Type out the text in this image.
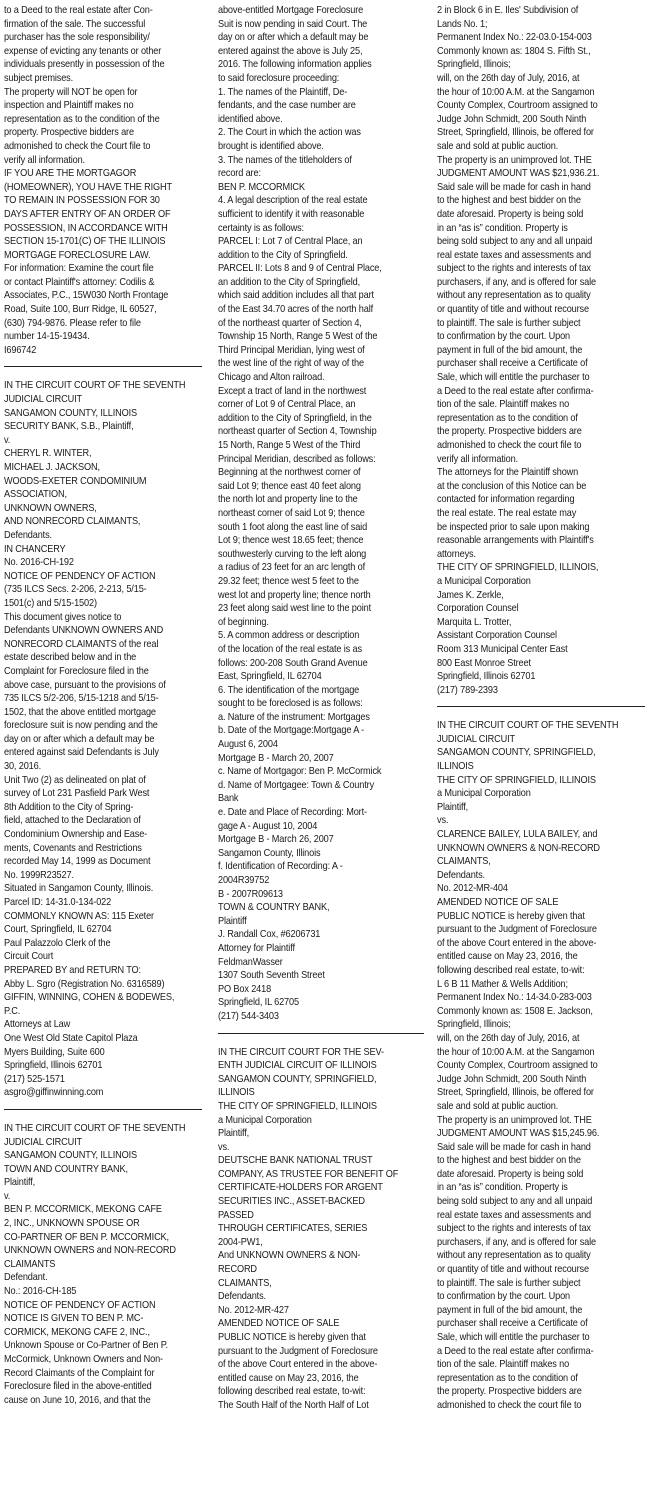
to a Deed to the real estate after Con-
firmation of the sale. The successful
purchaser has the sole responsibility/
expense of evicting any tenants or other
individuals presently in possession of the
subject premises.
The property will NOT be open for
inspection and Plaintiff makes no
representation as to the condition of the
property. Prospective bidders are
admonished to check the Court file to
verify all information.
IF YOU ARE THE MORTGAGOR
(HOMEOWNER), YOU HAVE THE RIGHT
TO REMAIN IN POSSESSION FOR 30
DAYS AFTER ENTRY OF AN ORDER OF
POSSESSION, IN ACCORDANCE WITH
SECTION 15-1701(C) OF THE ILLINOIS
MORTGAGE FORECLOSURE LAW.
For information: Examine the court file
or contact Plaintiff's attorney: Codilis &
Associates, P.C., 15W030 North Frontage
Road, Suite 100, Burr Ridge, IL 60527,
(630) 794-9876. Please refer to file
number 14-15-19434.
I696742
IN THE CIRCUIT COURT OF THE SEVENTH
JUDICIAL CIRCUIT
SANGAMON COUNTY, ILLINOIS
SECURITY BANK, S.B., Plaintiff,
v.
CHERYL R. WINTER,
MICHAEL J. JACKSON,
WOODS-EXETER CONDOMINIUM
ASSOCIATION,
UNKNOWN OWNERS,
AND NONRECORD CLAIMANTS,
Defendants.
IN CHANCERY
No. 2016-CH-192
NOTICE OF PENDENCY OF ACTION
(735 ILCS Secs. 2-206, 2-213, 5/15-
1501(c) and 5/15-1502)
This document gives notice to
Defendants UNKNOWN OWNERS AND
NONRECORD CLAIMANTS of the real
estate described below and in the
Complaint for Foreclosure filed in the
above case, pursuant to the provisions of
735 ILCS 5/2-206, 5/15-1218 and 5/15-
1502, that the above entitled mortgage
foreclosure suit is now pending and the
day on or after which a default may be
entered against said Defendants is July
30, 2016.
Unit Two (2) as delineated on plat of
survey of Lot 231 Pasfield Park West
8th Addition to the City of Spring-
field, attached to the Declaration of
Condominium Ownership and Ease-
ments, Covenants and Restrictions
recorded May 14, 1999 as Document
No. 1999R23527.
Situated in Sangamon County, Illinois.
Parcel ID: 14-31.0-134-022
COMMONLY KNOWN AS: 115 Exeter
Court, Springfield, IL 62704
Paul Palazzolo Clerk of the
Circuit Court
PREPARED BY and RETURN TO:
Abby L. Sgro (Registration No. 6316589)
GIFFIN, WINNING, COHEN & BODEWES,
P.C.
Attorneys at Law
One West Old State Capitol Plaza
Myers Building, Suite 600
Springfield, Illinois 62701
(217) 525-1571
asgro@giffinwinning.com
IN THE CIRCUIT COURT OF THE SEVENTH
JUDICIAL CIRCUIT
SANGAMON COUNTY, ILLINOIS
TOWN AND COUNTRY BANK,
Plaintiff,
v.
BEN P. MCCORMICK, MEKONG CAFE
2, INC., UNKNOWN SPOUSE OR
CO-PARTNER OF BEN P. MCCORMICK,
UNKNOWN OWNERS and NON-RECORD
CLAIMANTS
Defendant.
No.: 2016-CH-185
NOTICE OF PENDENCY OF ACTION
NOTICE IS GIVEN TO BEN P. MC-
CORMICK, MEKONG CAFE 2, INC.,
Unknown Spouse or Co-Partner of Ben P.
McCormick, Unknown Owners and Non-
Record Claimants of the Complaint for
Foreclosure filed in the above-entitled
cause on June 10, 2016, and that the
above-entitled Mortgage Foreclosure
Suit is now pending in said Court. The
day on or after which a default may be
entered against the above is July 25,
2016. The following information applies
to said foreclosure proceeding:
1. The names of the Plaintiff, De-
fendants, and the case number are
identified above.
2. The Court in which the action was
brought is identified above.
3. The names of the titleholders of
record are:
BEN P. MCCORMICK
4. A legal description of the real estate
sufficient to identify it with reasonable
certainty is as follows:
PARCEL I: Lot 7 of Central Place, an
addition to the City of Springfield.
PARCEL II: Lots 8 and 9 of Central Place,
an addition to the City of Springfield,
which said addition includes all that part
of the East 34.70 acres of the north half
of the northeast quarter of Section 4,
Township 15 North, Range 5 West of the
Third Principal Meridian, lying west of
the west line of the right of way of the
Chicago and Alton railroad.
Except a tract of land in the northwest
corner of Lot 9 of Central Place, an
addition to the City of Springfield, in the
northeast quarter of Section 4, Township
15 North, Range 5 West of the Third
Principal Meridian, described as follows:
Beginning at the northwest corner of
said Lot 9; thence east 40 feet along
the north lot and property line to the
northeast corner of said Lot 9; thence
south 1 foot along the east line of said
Lot 9; thence west 18.65 feet; thence
southwesterly curving to the left along
a radius of 23 feet for an arc length of
29.32 feet; thence west 5 feet to the
west lot and property line; thence north
23 feet along said west line to the point
of beginning.
5. A common address or description
of the location of the real estate is as
follows: 200-208 South Grand Avenue
East, Springfield, IL 62704
6. The identification of the mortgage
sought to be foreclosed is as follows:
a. Nature of the instrument: Mortgages
b. Date of the Mortgage:Mortgage A -
August 6, 2004
Mortgage B - March 20, 2007
c. Name of Mortgagor: Ben P. McCormick
d. Name of Mortgagee: Town & Country
Bank
e. Date and Place of Recording: Mort-
gage A - August 10, 2004
Mortgage B - March 26, 2007
Sangamon County, Illinois
f. Identification of Recording: A -
2004R39752
B - 2007R09613
TOWN & COUNTRY BANK,
Plaintiff
J. Randall Cox, #6206731
Attorney for Plaintiff
FeldmanWasser
1307 South Seventh Street
PO Box 2418
Springfield, IL 62705
(217) 544-3403
IN THE CIRCUIT COURT FOR THE SEV-
ENTH JUDICIAL CIRCUIT OF ILLINOIS
SANGAMON COUNTY, SPRINGFIELD,
ILLINOIS
THE CITY OF SPRINGFIELD, ILLINOIS
a Municipal Corporation
Plaintiff,
vs.
DEUTSCHE BANK NATIONAL TRUST
COMPANY, AS TRUSTEE FOR BENEFIT OF
CERTIFICATE-HOLDERS FOR ARGENT
SECURITIES INC., ASSET-BACKED
PASSED
THROUGH CERTIFICATES, SERIES
2004-PW1,
And UNKNOWN OWNERS & NON-
RECORD
CLAIMANTS,
Defendants.
No. 2012-MR-427
AMENDED NOTICE OF SALE
PUBLIC NOTICE is hereby given that
pursuant to the Judgment of Foreclosure
of the above Court entered in the above-
entitled cause on May 23, 2016, the
following described real estate, to-wit:
The South Half of the North Half of Lot
2 in Block 6 in E. Iles' Subdivision of
Lands No. 1;
Permanent Index No.: 22-03.0-154-003
Commonly known as: 1804 S. Fifth St.,
Springfield, Illinois;
will, on the 26th day of July, 2016, at
the hour of 10:00 A.M. at the Sangamon
County Complex, Courtroom assigned to
Judge John Schmidt, 200 South Ninth
Street, Springfield, Illinois, be offered for
sale and sold at public auction.
The property is an unimproved lot. THE
JUDGMENT AMOUNT WAS $21,936.21.
Said sale will be made for cash in hand
to the highest and best bidder on the
date aforesaid. Property is being sold
in an “as is” condition. Property is
being sold subject to any and all unpaid
real estate taxes and assessments and
subject to the rights and interests of tax
purchasers, if any, and is offered for sale
without any representation as to quality
or quantity of title and without recourse
to plaintiff. The sale is further subject
to confirmation by the court. Upon
payment in full of the bid amount, the
purchaser shall receive a Certificate of
Sale, which will entitle the purchaser to
a Deed to the real estate after confirma-
tion of the sale. Plaintiff makes no
representation as to the condition of
the property. Prospective bidders are
admonished to check the court file to
verify all information.
The attorneys for the Plaintiff shown
at the conclusion of this Notice can be
contacted for information regarding
the real estate. The real estate may
be inspected prior to sale upon making
reasonable arrangements with Plaintiff's
attorneys.
THE CITY OF SPRINGFIELD, ILLINOIS,
a Municipal Corporation
James K. Zerkle,
Corporation Counsel
Marquita L. Trotter,
Assistant Corporation Counsel
Room 313 Municipal Center East
800 East Monroe Street
Springfield, Illinois 62701
(217) 789-2393
IN THE CIRCUIT COURT OF THE SEVENTH
JUDICIAL CIRCUIT
SANGAMON COUNTY, SPRINGFIELD,
ILLINOIS
THE CITY OF SPRINGFIELD, ILLINOIS
a Municipal Corporation
Plaintiff,
vs.
CLARENCE BAILEY, LULA BAILEY, and
UNKNOWN OWNERS & NON-RECORD
CLAIMANTS,
Defendants.
No. 2012-MR-404
AMENDED NOTICE OF SALE
PUBLIC NOTICE is hereby given that
pursuant to the Judgment of Foreclosure
of the above Court entered in the above-
entitled cause on May 23, 2016, the
following described real estate, to-wit:
L 6 B 11 Mather & Wells Addition;
Permanent Index No.: 14-34.0-283-003
Commonly known as: 1508 E. Jackson,
Springfield, Illinois;
will, on the 26th day of July, 2016, at
the hour of 10:00 A.M. at the Sangamon
County Complex, Courtroom assigned to
Judge John Schmidt, 200 South Ninth
Street, Springfield, Illinois, be offered for
sale and sold at public auction.
The property is an unimproved lot. THE
JUDGMENT AMOUNT WAS $15,245.96.
Said sale will be made for cash in hand
to the highest and best bidder on the
date aforesaid. Property is being sold
in an “as is” condition. Property is
being sold subject to any and all unpaid
real estate taxes and assessments and
subject to the rights and interests of tax
purchasers, if any, and is offered for sale
without any representation as to quality
or quantity of title and without recourse
to plaintiff. The sale is further subject
to confirmation by the court. Upon
payment in full of the bid amount, the
purchaser shall receive a Certificate of
Sale, which will entitle the purchaser to
a Deed to the real estate after confirma-
tion of the sale. Plaintiff makes no
representation as to the condition of
the property. Prospective bidders are
admonished to check the court file to
